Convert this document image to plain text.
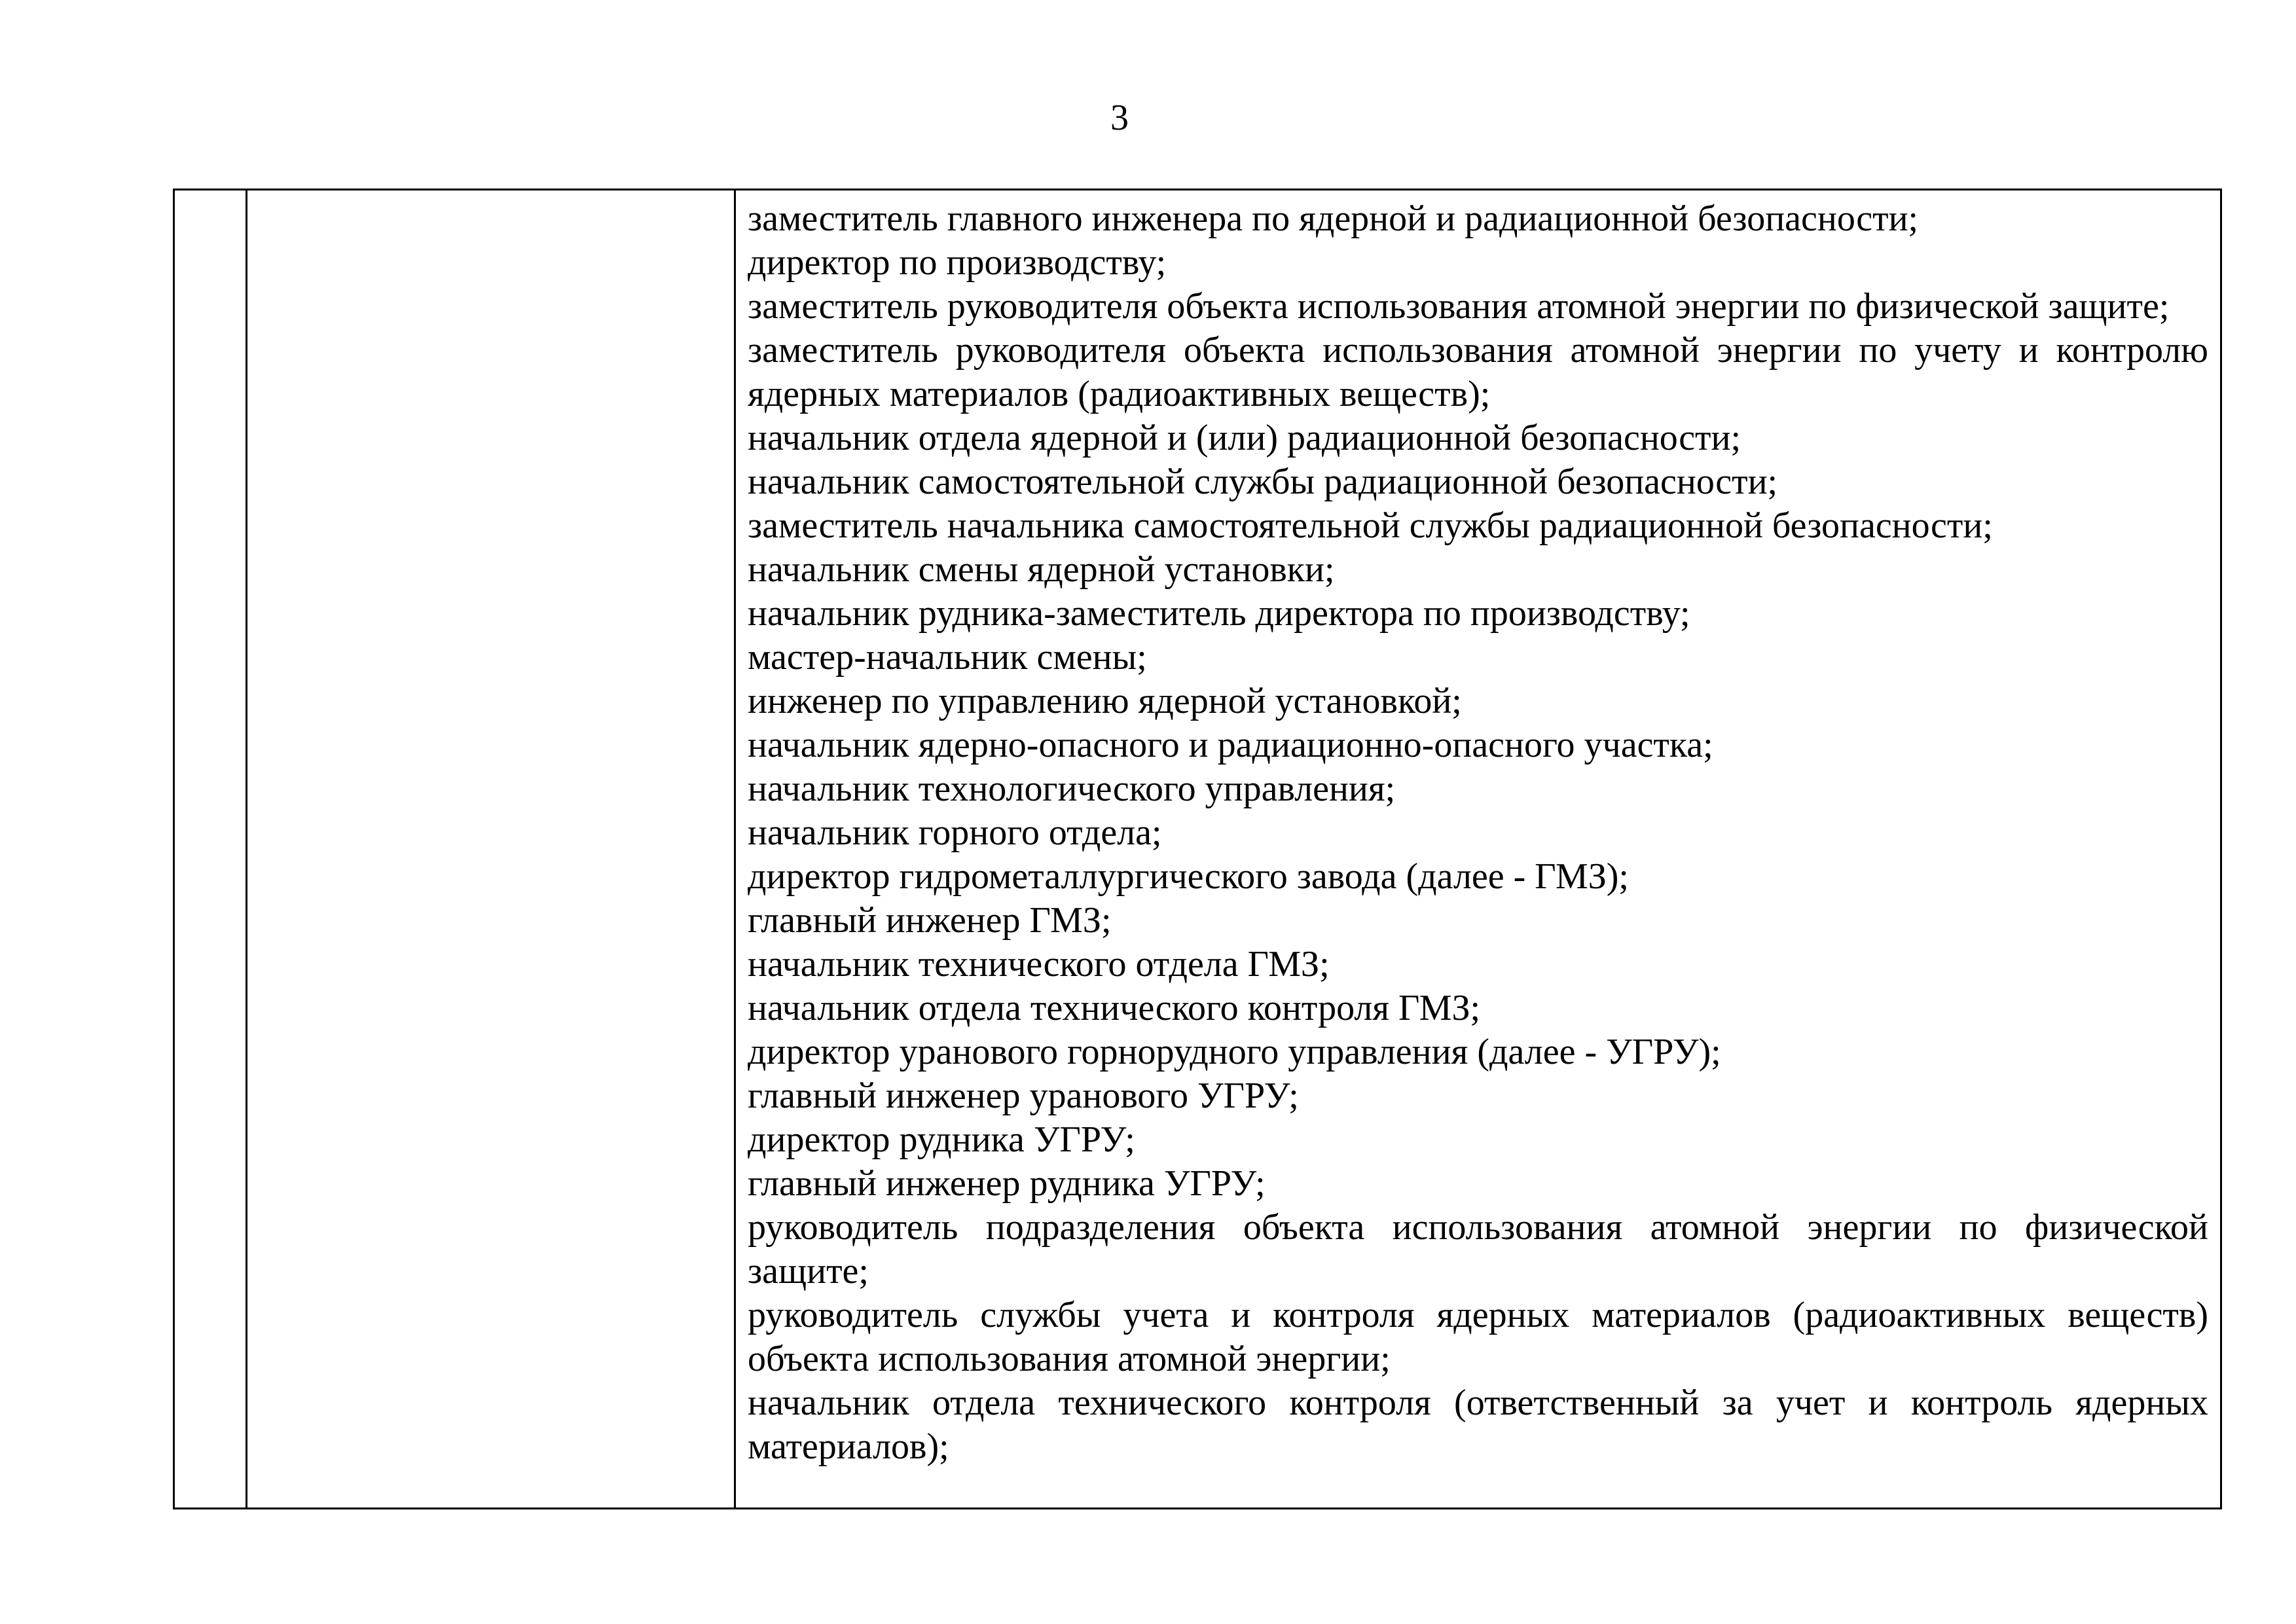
3

заместитель главного инженера по ядерной и радиационной безопасности;
директор по производству;
заместитель руководителя объекта использования атомной энергии по физической защите;
заместитель руководителя объекта использования атомной энергии по учету и контролю ядерных материалов (радиоактивных веществ);
начальник отдела ядерной и (или) радиационной безопасности;
начальник самостоятельной службы радиационной безопасности;
заместитель начальника самостоятельной службы радиационной безопасности;
начальник смены ядерной установки;
начальник рудника-заместитель директора по производству;
мастер-начальник смены;
инженер по управлению ядерной установкой;
начальник ядерно-опасного и радиационно-опасного участка;
начальник технологического управления;
начальник горного отдела;
директор гидрометаллургического завода (далее - ГМЗ);
главный инженер ГМЗ;
начальник технического отдела ГМЗ;
начальник отдела технического контроля ГМЗ;
директор уранового горнорудного управления (далее - УГРУ);
главный инженер уранового УГРУ;
директор рудника УГРУ;
главный инженер рудника УГРУ;
руководитель подразделения объекта использования атомной энергии по физической защите;
руководитель службы учета и контроля ядерных материалов (радиоактивных веществ) объекта использования атомной энергии;
начальник отдела технического контроля (ответственный за учет и контроль ядерных материалов);
